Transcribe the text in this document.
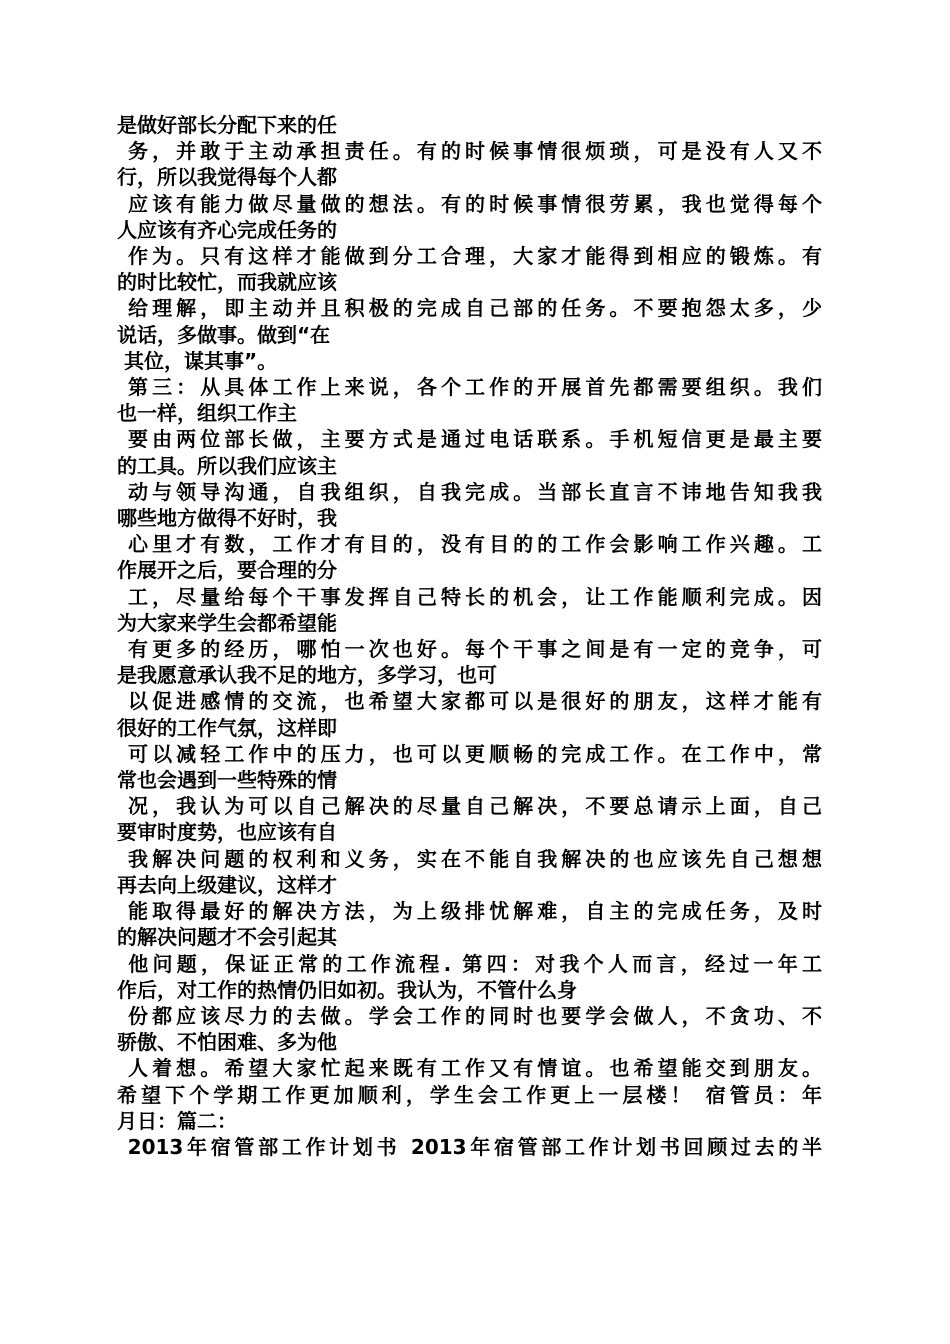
是做好部长分配下来的任
务，并敢于主动承担责任。有的时候事情很烦琐，可是没有人又不
行，所以我觉得每个人都
应该有能力做尽量做的想法。有的时候事情很劳累，我也觉得每个
人应该有齐心完成任务的
作为。只有这样才能做到分工合理，大家才能得到相应的锻炼。有
的时比较忙，而我就应该
给理解，即主动并且积极的完成自己部的任务。不要抱怨太多，少
说话，多做事。做到“在
其位，谋其事”。
第三：从具体工作上来说，各个工作的开展首先都需要组织。我们
也一样，组织工作主
要由两位部长做，主要方式是通过电话联系。手机短信更是最主要
的工具。所以我们应该主
动与领导沟通，自我组织，自我完成。当部长直言不讳地告知我我
哪些地方做得不好时，我
心里才有数，工作才有目的，没有目的的工作会影响工作兴趣。工
作展开之后，要合理的分
工，尽量给每个干事发挥自己特长的机会，让工作能顺利完成。因
为大家来学生会都希望能
有更多的经历，哪怕一次也好。每个干事之间是有一定的竞争，可
是我愿意承认我不足的地方，多学习，也可
以促进感情的交流，也希望大家都可以是很好的朋友，这样才能有
很好的工作气氛，这样即
可以减轻工作中的压力，也可以更顺畅的完成工作。在工作中，常
常也会遇到一些特殊的情
况，我认为可以自己解决的尽量自己解决，不要总请示上面，自己
要审时度势，也应该有自
我解决问题的权利和义务，实在不能自我解决的也应该先自己想想
再去向上级建议，这样才
能取得最好的解决方法，为上级排忧解难，自主的完成任务，及时
的解决问题才不会引起其
他问题，保证正常的工作流程. 第四：对我个人而言，经过一年工
作后，对工作的热情仍旧如初。我认为，不管什么身
份都应该尽力的去做。学会工作的同时也要学会做人，不贪功、不
骄傲、不怕困难、多为他
人着想。希望大家忙起来既有工作又有情谊。也希望能交到朋友。
希望下个学期工作更加顺利，学生会工作更上一层楼！ 宿管员：年
月日：篇二：
2013年宿管部工作计划书 2013年宿管部工作计划书回顾过去的半
